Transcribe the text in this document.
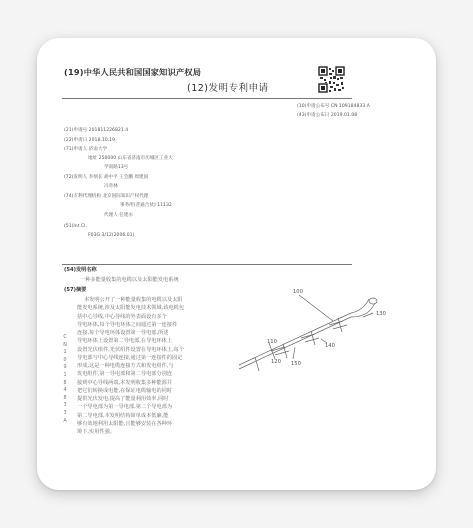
(19)中华人民共和国国家知识产权局
(12)发明专利申请
(10)申请公布号 CN 109184833 A
(43)申请公布日 2019.01.08
(21)申请号 201811226821.4
(22)申请日 2018.10.19
(71)申请人 济南大学
地址 250000 山东省济南市历城区工业大
学南路13号
(72)发明人 李炳长 胡中平 王会鹏 周建国
冯奇林
(74)专利代理机构 北京国际知识产权代理
事务所(普通合伙) 11132
代理人 任建永
(51)Int.Cl.
F03G 3/12(2006.01)
(54)发明名称
一种多能量收集的电缆以及太阳能发电系统
(57)摘要
本发明公开了一种能量收集的电缆以及太阳
能发电系统,涉及太阳能发电技术领域,该电缆包
括中心导线,中心导线的外表面设有多个
导电环体,每个导电环体之间通过第一连接件
连接,每个导电环体设置第一导电部,所述
导电环体上设置第二导电部,在导电环体上
设置光伏组件,光伏组件设置在导电环体上,每个
导电部与中心导线连接,通过第一连接件的固定
形成,这是一种电缆连接方式和发电组件,与
发电组件,第一导电部和第二导电部分别连
接到中心导线两端,本发明收集多种能源并
把它们转换成电能,在保证电缆输电的同时
提供光伏发电,提高了能量利用效率,同时
一个导电部为第一导电部,第二个导电部为
第二导电部,本发明结构简单成本低廉,能
够有效地利用太阳能,且能够安装在各种环
境下,实用性强。
CN 109184833 A
100
130
110
150
140
120
